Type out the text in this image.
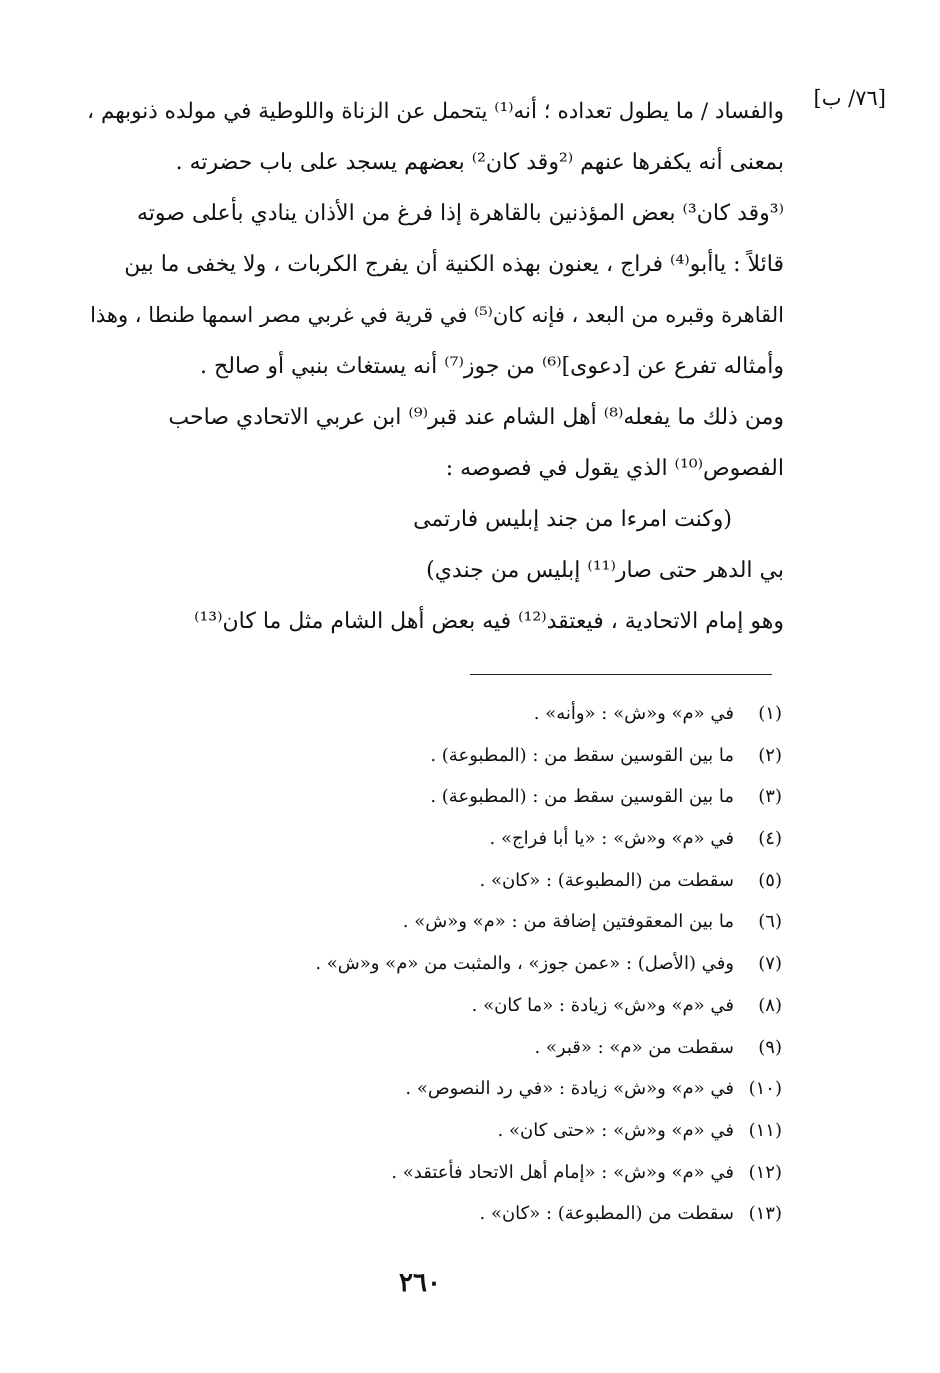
[٧٦/ ب]
والفساد / ما يطول تعداده ؛ أنه⁽¹⁾ يتحمل عن الزناة واللوطية في مولده ذنوبهم ،
بمعنى أنه يكفرها عنهم ⁽²وقد كان²⁾ بعضهم يسجد على باب حضرته .
⁽³وقد كان³⁾ بعض المؤذنين بالقاهرة إذا فرغ من الأذان ينادي بأعلى صوته
قائلاً : ياأبو⁽⁴⁾ فراج ، يعنون بهذه الكنية أن يفرج الكربات ، ولا يخفى ما بين
القاهرة وقبره من البعد ، فإنه كان⁽⁵⁾ في قرية في غربي مصر اسمها طنطا ، وهذا
وأمثاله تفرع عن [دعوى]⁽⁶⁾ من جوز⁽⁷⁾ أنه يستغاث بنبي أو صالح .
ومن ذلك ما يفعله⁽⁸⁾ أهل الشام عند قبر⁽⁹⁾ ابن عربي الاتحادي صاحب
الفصوص⁽¹⁰⁾ الذي يقول في فصوصه :
(وكنت امرءا من جند إبليس فارتمى
بي الدهر حتى صار⁽¹¹⁾ إبليس من جندي)
وهو إمام الاتحادية ، فيعتقد⁽¹²⁾ فيه بعض أهل الشام مثل ما كان⁽¹³⁾
(١)
في «م» و«ش» : «وأنه» .
(٢)
ما بين القوسين سقط من : (المطبوعة) .
(٣)
ما بين القوسين سقط من : (المطبوعة) .
(٤)
في «م» و«ش» : «يا أبا فراج» .
(٥)
سقطت من (المطبوعة) : «كان» .
(٦)
ما بين المعقوفتين إضافة من : «م» و«ش» .
(٧)
وفي (الأصل) : «عمن جوز» ، والمثبت من «م» و«ش» .
(٨)
في «م» و«ش» زيادة : «ما كان» .
(٩)
سقطت من «م» : «قبر» .
(١٠)
في «م» و«ش» زيادة : «في رد النصوص» .
(١١)
في «م» و«ش» : «حتى كان» .
(١٢)
في «م» و«ش» : «إمام أهل الاتحاد فأعتقد» .
(١٣)
سقطت من (المطبوعة) : «كان» .
٢٦٠
